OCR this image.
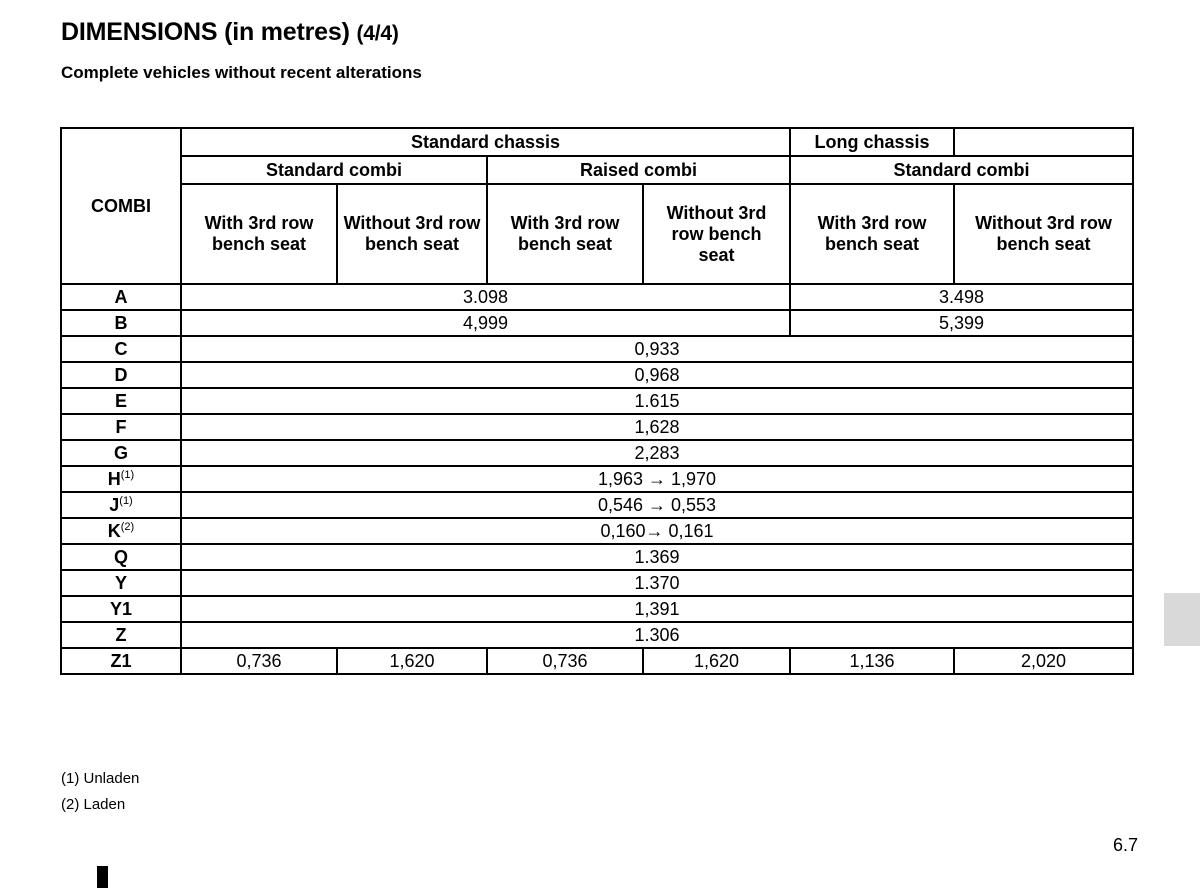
DIMENSIONS (in metres) (4/4)
Complete vehicles without recent alterations
COMBI	Standard chassis				Long chassis	
	Standard combi		Raised combi		Standard combi	
	With 3rd row bench seat	Without 3rd row bench seat	With 3rd row bench seat	Without 3rd row bench seat	With 3rd row bench seat	Without 3rd row bench seat
A	3.098				3.498	
B	4,999				5,399	
C	0,933					
D	0,968					
E	1.615					
F	1,628					
G	2,283					
$H^{(1)}$	1,963 → 1,970					
$J^{(1)}$	0,546 → 0,553					
$K^{(2)}$	0,160→ 0,161					
Q	1.369					
Y	1.370					
Y1	1,391					
Z	1.306					
Z1	0,736	1,620	0,736	1,620	1,136	2,020
(1) Unladen
(2) Laden
6.7
